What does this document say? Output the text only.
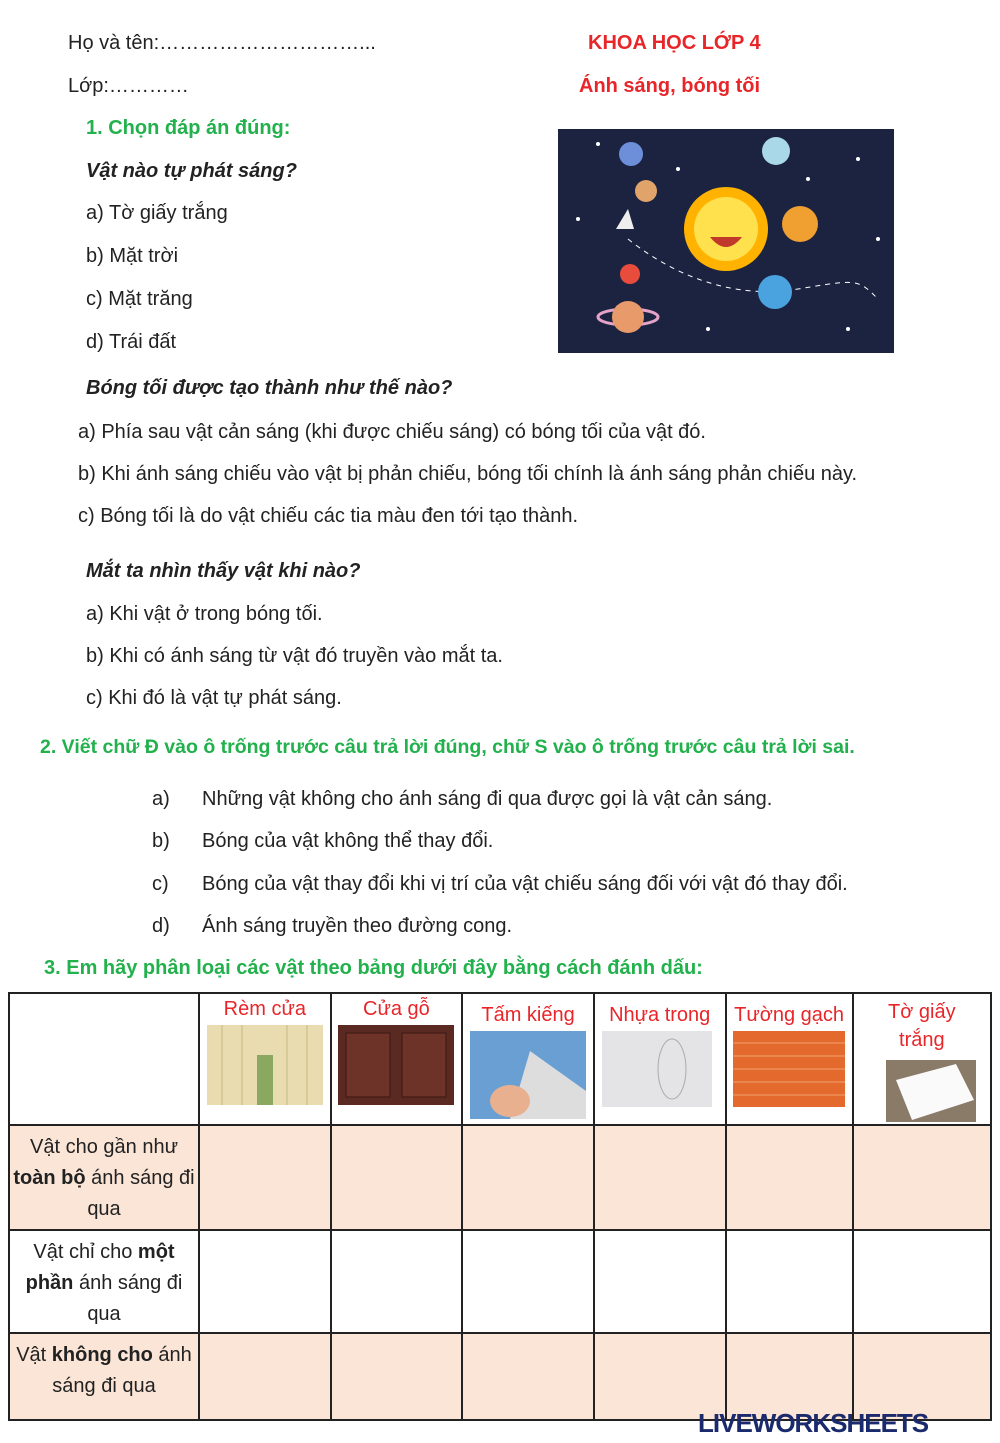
Họ và tên:…………………………...	KHOA HỌC LỚP 4
Lớp:…………	Ánh sáng, bóng tối
1. Chọn đáp án đúng:
Vật nào tự phát sáng?
a) Tờ giấy trắng
b) Mặt trời
c) Mặt trăng
d) Trái đất
Bóng tối được tạo thành như thế nào?
a) Phía sau vật cản sáng (khi được chiếu sáng) có bóng tối của vật đó.
b) Khi ánh sáng chiếu vào vật bị phản chiếu, bóng tối chính là ánh sáng phản chiếu này.
c) Bóng tối là do vật chiếu các tia màu đen tới tạo thành.
Mắt ta nhìn thấy vật khi nào?
a) Khi vật ở trong bóng tối.
b) Khi có ánh sáng từ vật đó truyền vào mắt ta.
c) Khi đó là vật tự phát sáng.
2. Viết chữ Đ vào ô trống trước câu trả lời đúng, chữ S vào ô trống trước câu trả lời sai.
a) Những vật không cho ánh sáng đi qua được gọi là vật cản sáng.
b) Bóng của vật không thể thay đổi.
c) Bóng của vật thay đổi khi vị trí của vật chiếu sáng đối với vật đó thay đổi.
d) Ánh sáng truyền theo đường cong.
3. Em hãy phân loại các vật theo bảng dưới đây bằng cách đánh dấu:

	Rèm cửa	Cửa gỗ	Tấm kiếng	Nhựa trong	Tường gạch	Tờ giấy trắng

Vật cho gần như toàn bộ ánh sáng đi qua						
Vật chỉ cho một phần ánh sáng đi qua						
Vật không cho ánh sáng đi qua						
LIVEWORKSHEETS
